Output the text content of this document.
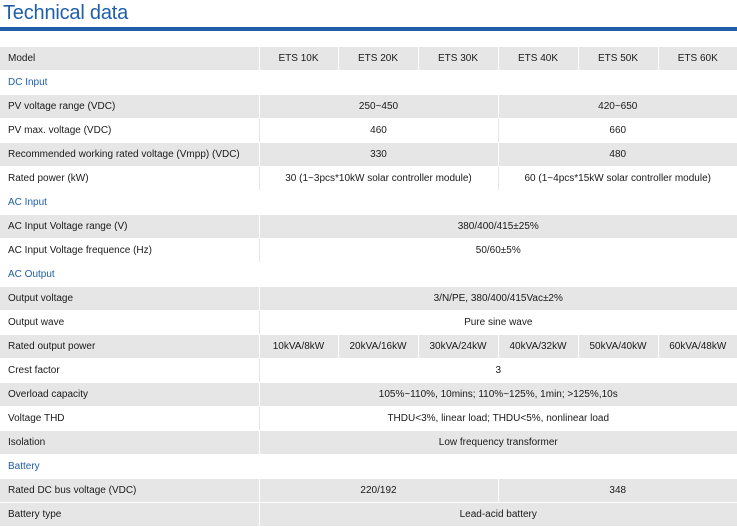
Technical data
Model	ETS 10K	ETS 20K	ETS 30K	ETS 40K	ETS 50K	ETS 60K
DC Input						
PV voltage range (VDC)	250~450			420~650		
PV max. voltage (VDC)	460			660		
Recommended working rated voltage (Vmpp) (VDC)	330			480		
Rated power (kW)	30 (1~3pcs*10kW solar controller module)			60 (1~4pcs*15kW solar controller module)		
AC Input						
AC Input Voltage range (V)	380/400/415±25%					
AC Input Voltage frequence (Hz)	50/60±5%					
AC Output						
Output voltage	3/N/PE, 380/400/415Vac±2%					
Output wave	Pure sine wave					
Rated output power	10kVA/8kW	20kVA/16kW	30kVA/24kW	40kVA/32kW	50kVA/40kW	60kVA/48kW
Crest factor	3					
Overload capacity	105%~110%, 10mins; 110%~125%, 1min; >125%,10s					
Voltage THD	THDU<3%, linear load; THDU<5%, nonlinear load					
Isolation	Low frequency transformer					
Battery						
Rated DC bus voltage (VDC)	220/192			348		
Battery type	Lead-acid battery					
